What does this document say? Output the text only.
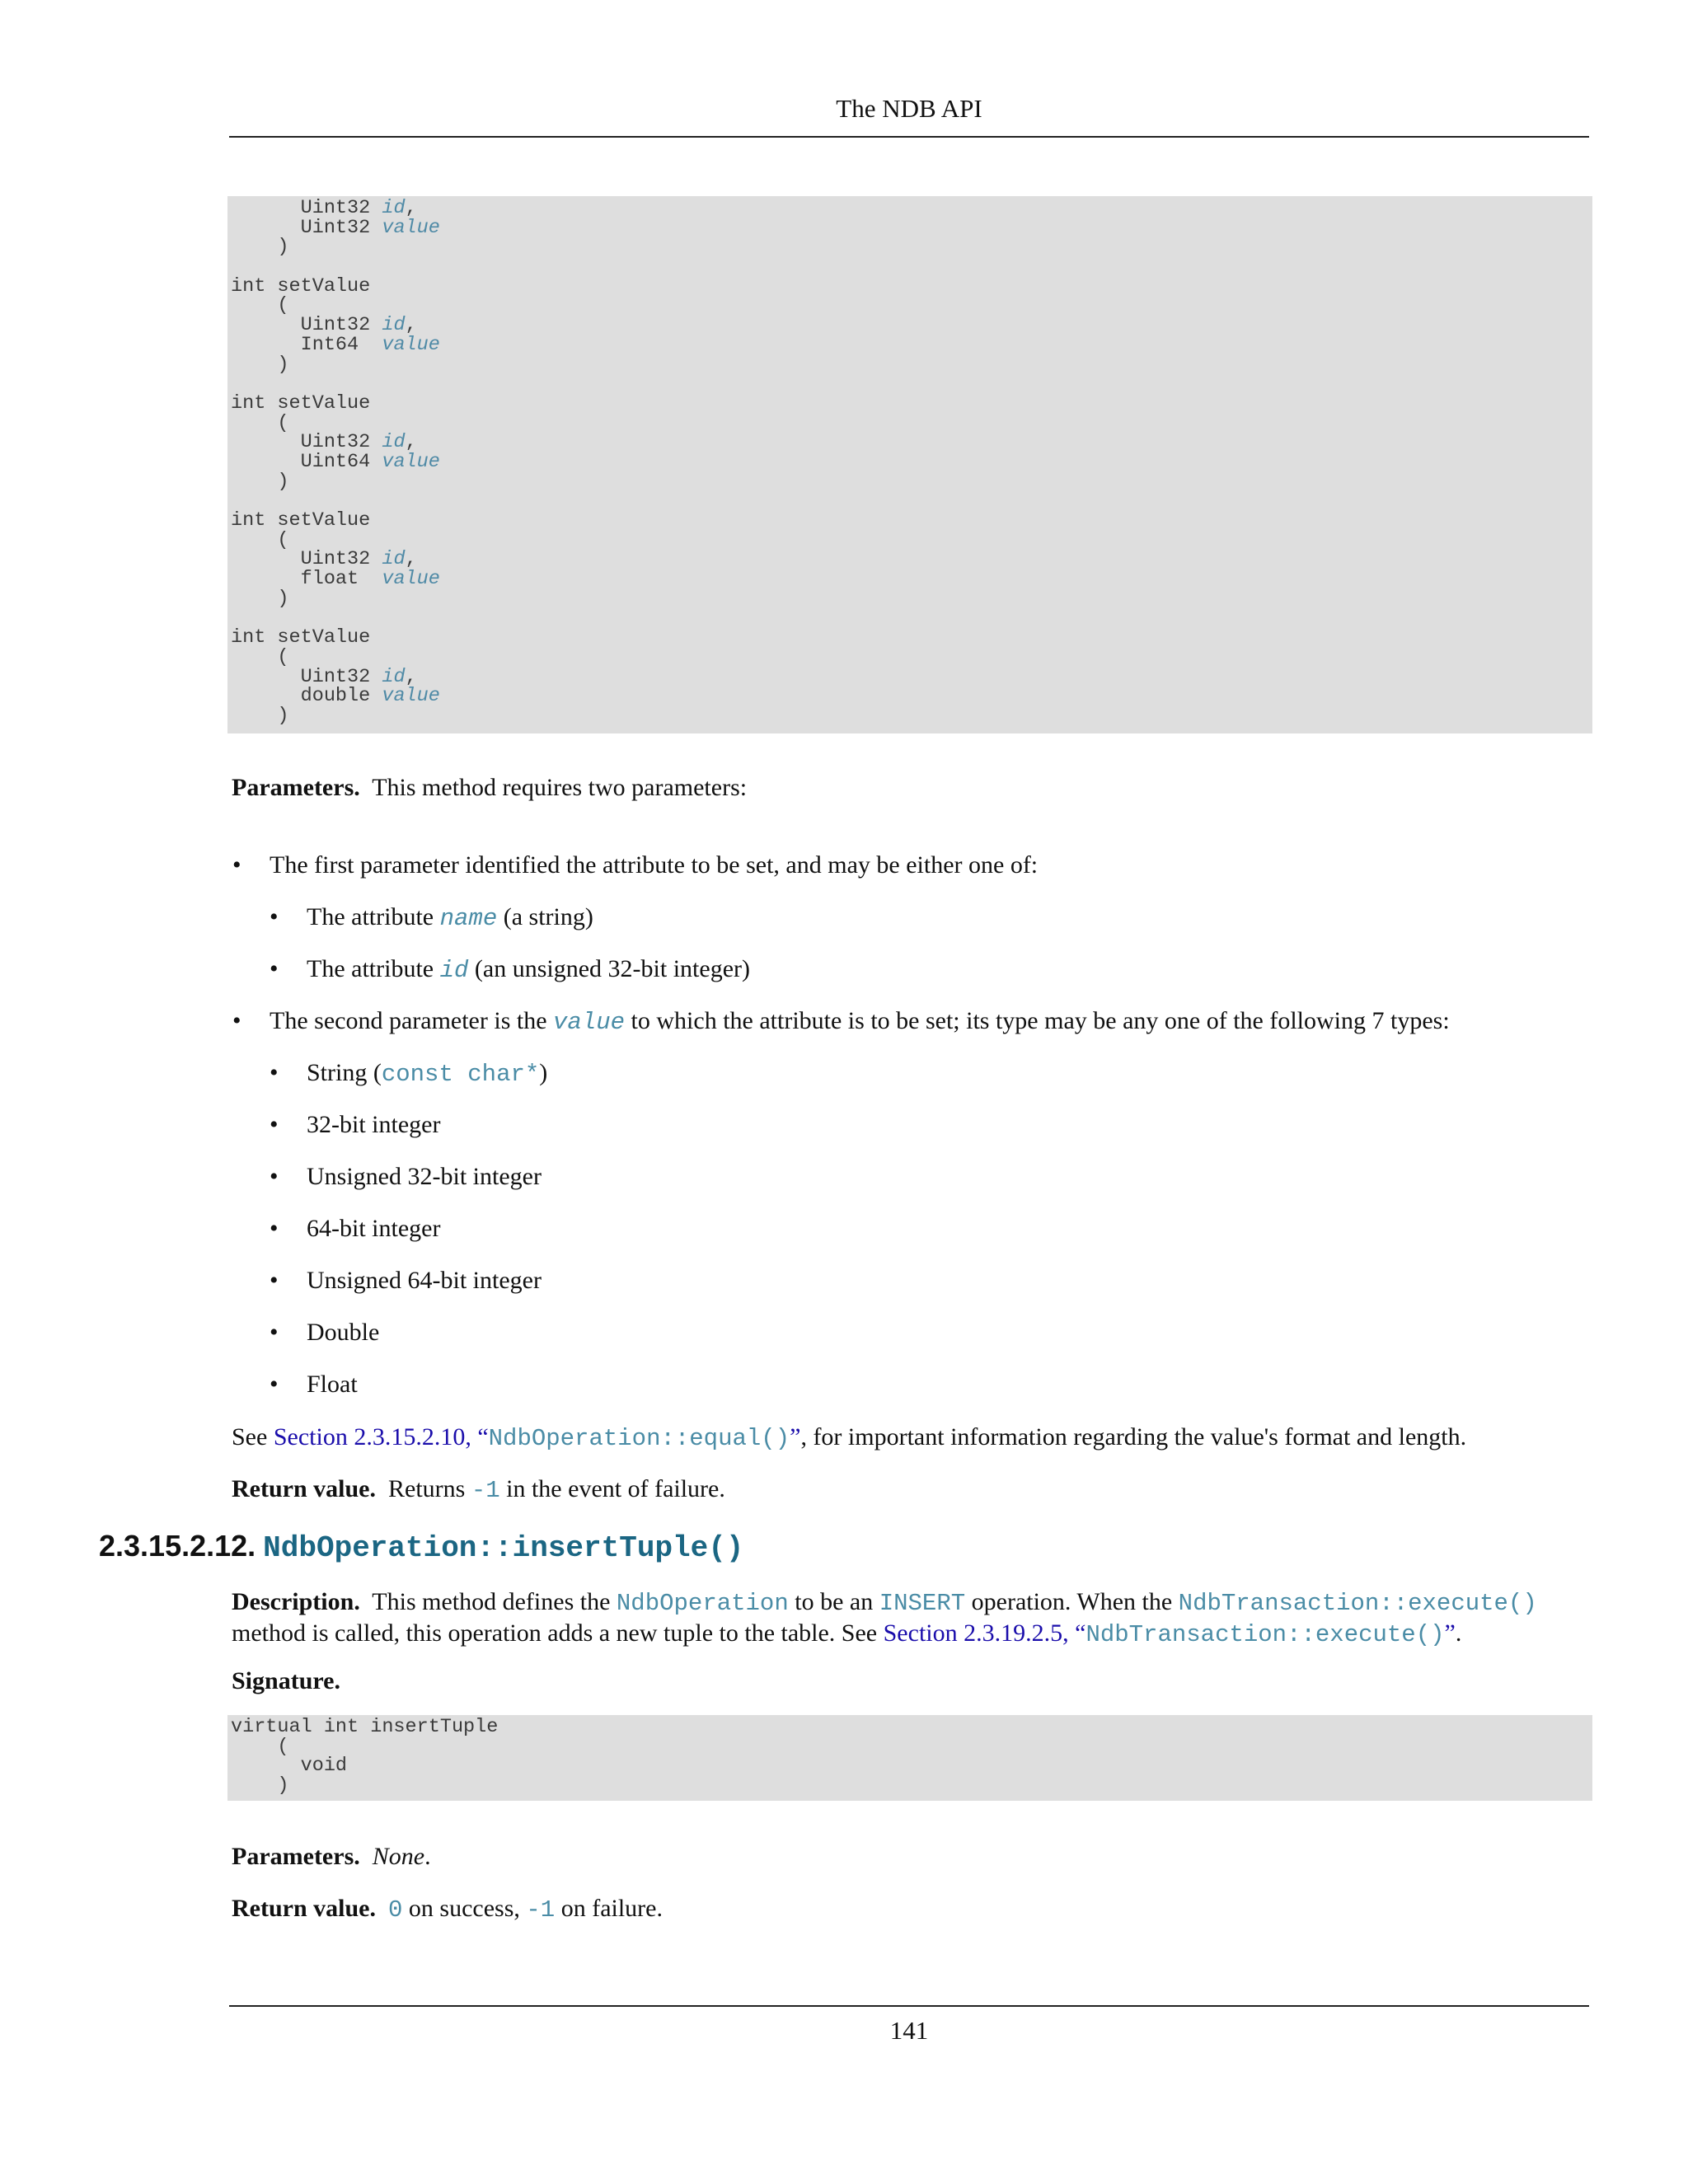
The NDB API
Uint32 id,
Uint32 value
)
int setValue
(
Uint32 id,
Int64  value
)
int setValue
(
Uint32 id,
Uint64 value
)
int setValue
(
Uint32 id,
float  value
)
int setValue
(
Uint32 id,
double value
)
Parameters. This method requires two parameters:
• The first parameter identified the attribute to be set, and may be either one of:
• The attribute name (a string)
• The attribute id (an unsigned 32-bit integer)
• The second parameter is the value to which the attribute is to be set; its type may be any one of the following 7 types:
• String (const char*)
• 32-bit integer
• Unsigned 32-bit integer
• 64-bit integer
• Unsigned 64-bit integer
• Double
• Float
See Section 2.3.15.2.10, “NdbOperation::equal()”, for important information regarding the value's format and length.
Return value. Returns -1 in the event of failure.
2.3.15.2.12. NdbOperation::insertTuple()
Description. This method defines the NdbOperation to be an INSERT operation. When the NdbTransaction::execute()
method is called, this operation adds a new tuple to the table. See Section 2.3.19.2.5, “NdbTransaction::execute()”.
Signature.
virtual int insertTuple
(
void
)
Parameters. None.
Return value. 0 on success, -1 on failure.
141
